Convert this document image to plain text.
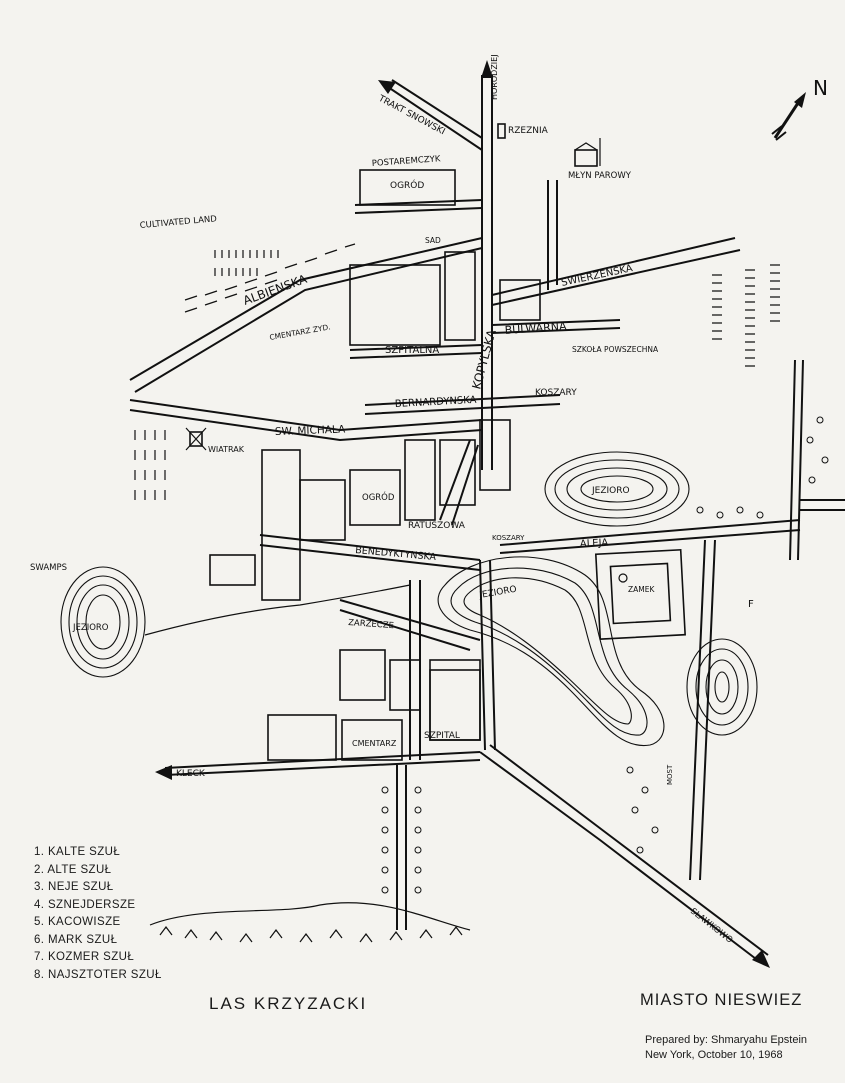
N
HORODZIEJ
TRAKT SNOWSKI	RZEZNIA
POSTAREMCZYK
OGRÓD
MŁYN PAROWY
CULTIVATED LAND
SAD
SWIERZENSKA
ALBIENSKA
CMENTARZ ZYD.	KOPYLSKA BULWARNA
SZKOŁA POWSZECHNA
SZPITALNA
KOSZARY
BERNARDYNSKA
SW. MICHALA
WIATRAK
JEZIORO
OGRÓD
RATUSZOWA
KOSZARY	ALEJA
ZAMEK
BENEDYKTYNSKA
SWAMPS
JEZIORO
JEZIORO
ZARZECZE
SZPITAL
CMENTARZ
KLECK	MOST
SŁAWKOWO
F
1. KALTE SZUŁ
2. ALTE SZUŁ
3. NEJE SZUŁ
4. SZNEJDERSZE
5. KACOWISZE
6. MARK SZUŁ
7. KOZMER SZUŁ
8. NAJSZTOTER SZUŁ
LAS KRZYZACKI	MIASTO NIESWIEZ
Prepared by: Shmaryahu Epstein
New York, October 10, 1968
